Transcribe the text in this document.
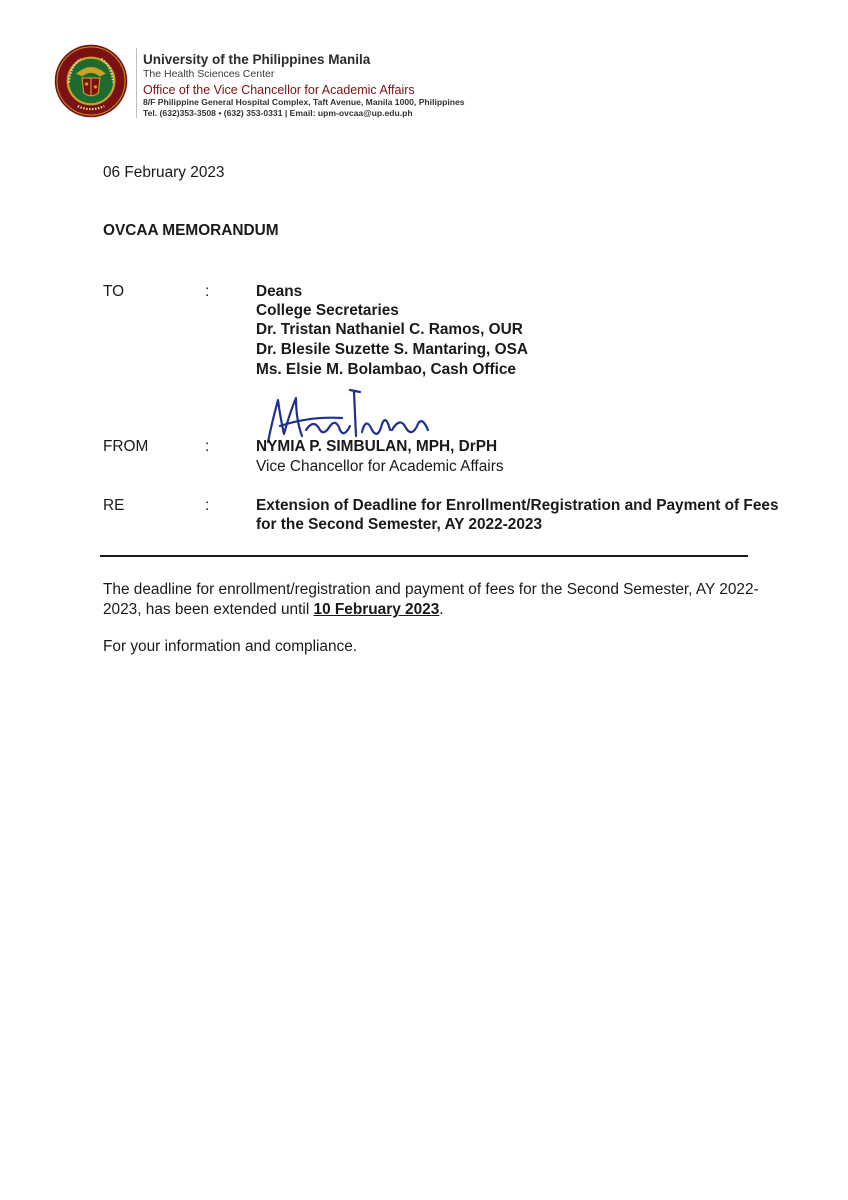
University of the Philippines Manila
The Health Sciences Center
Office of the Vice Chancellor for Academic Affairs
8/F Philippine General Hospital Complex, Taft Avenue, Manila 1000, Philippines
Tel. (632)353-3508 • (632) 353-0331 | Email: upm-ovcaa@up.edu.ph
06 February 2023
OVCAA MEMORANDUM
TO	:	Deans
College Secretaries
Dr. Tristan Nathaniel C. Ramos, OUR
Dr. Blesile Suzette S. Mantaring, OSA
Ms. Elsie M. Bolambao, Cash Office
FROM	:	NYMIA P. SIMBULAN, MPH, DrPH
Vice Chancellor for Academic Affairs
RE	:	Extension of Deadline for Enrollment/Registration and Payment of Fees
for the Second Semester, AY 2022-2023
The deadline for enrollment/registration and payment of fees for the Second Semester, AY 2022-2023, has been extended until 10 February 2023.
For your information and compliance.
